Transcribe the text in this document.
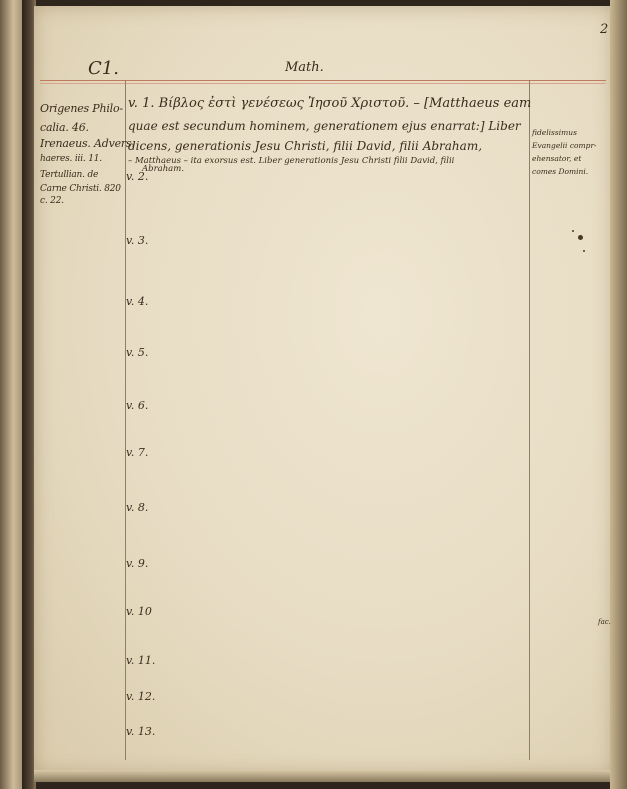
2
C1.	Math.
Origenes Philo-
calia. 46.
Irenaeus. Advers.
haeres. iii. 11.
Tertullian. de
Carne Christi. 820
c. 22.
v. 1. Βίβλος ἐστὶ γενέσεως Ἰησοῦ Χριστοῦ. – [Matthaeus eam
quae est secundum hominem, generationem ejus enarrat:] Liber
dicens, generationis Jesu Christi, filii David, filii Abraham,
– Matthaeus – ita exorsus est. Liber generationis Jesu Christi filii David, filii
Abraham.
fidelissimus
Evangelii compr-
ehensator, et
comes Domini.
v. 2.
v. 3.
v. 4.
v. 5.
v. 6.
v. 7.
v. 8.
v. 9.
v. 10
v. 11.
v. 12.
v. 13.
fac.
